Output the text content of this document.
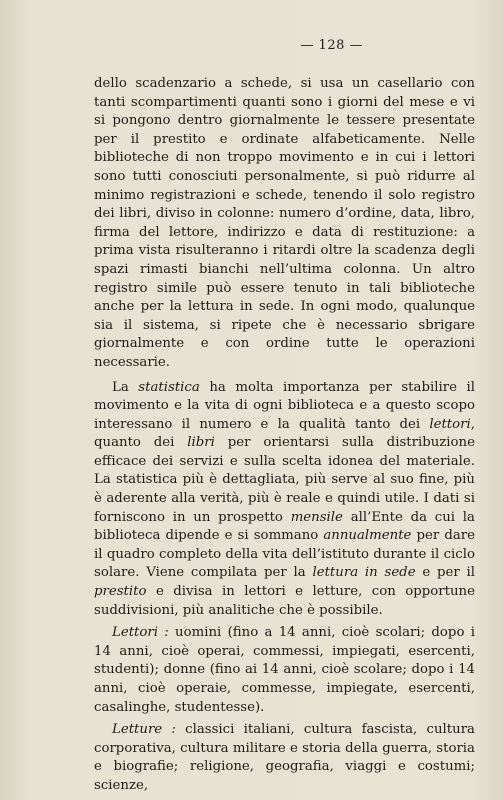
— 128 —

dello scadenzario a schede, si usa un casellario con tanti scompartimenti quanti sono i giorni del mese e vi si pongono dentro giornalmente le tessere presentate per il prestito e ordinate alfabeticamente. Nelle biblioteche di non troppo movimento e in cui i lettori sono tutti conosciuti personalmente, si può ridurre al minimo registrazioni e schede, tenendo il solo registro dei libri, diviso in colonne: numero d’ordine, data, libro, firma del lettore, indirizzo e data di restituzione: a prima vista risulteranno i ritardi oltre la scadenza degli spazi rimasti bianchi nell’ultima colonna. Un altro registro simile può essere tenuto in tali biblioteche anche per la lettura in sede. In ogni modo, qualunque sia il sistema, si ripete che è necessario sbrigare giornalmente e con ordine tutte le operazioni necessarie.

La statistica ha molta importanza per stabilire il movimento e la vita di ogni biblioteca e a questo scopo interessano il numero e la qualità tanto dei lettori, quanto dei libri per orientarsi sulla distribuzione efficace dei servizi e sulla scelta idonea del materiale. La statistica più è dettagliata, più serve al suo fine, più è aderente alla verità, più è reale e quindi utile. I dati si forniscono in un prospetto mensile all’Ente da cui la biblioteca dipende e si sommano annualmente per dare il quadro completo della vita dell’istituto durante il ciclo solare. Viene compilata per la lettura in sede e per il prestito e divisa in lettori e letture, con opportune suddivisioni, più analitiche che è possibile.

Lettori : uomini (fino a 14 anni, cioè scolari; dopo i 14 anni, cioè operai, commessi, impiegati, esercenti, studenti); donne (fino ai 14 anni, cioè scolare; dopo i 14 anni, cioè operaie, commesse, impiegate, esercenti, casalinghe, studentesse).

Letture : classici italiani, cultura fascista, cultura corporativa, cultura militare e storia della guerra, storia e biografie; religione, geografia, viaggi e costumi; scienze,
